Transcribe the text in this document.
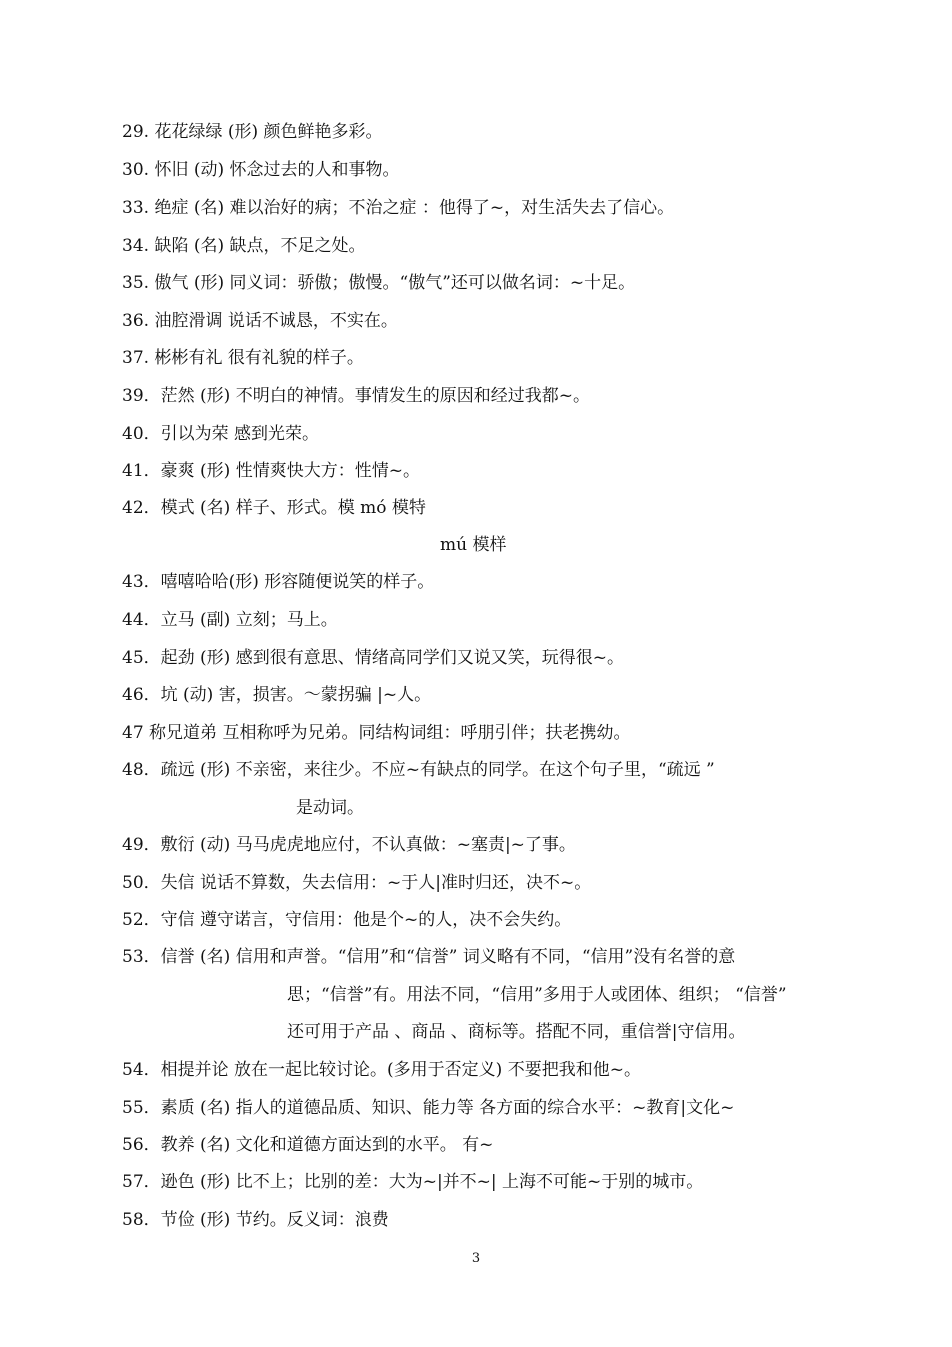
29. 花花绿绿 (形) 颜色鲜艳多彩。
30. 怀旧 (动) 怀念过去的人和事物。
33. 绝症 (名) 难以治好的病；不治之症 ：他得了~，对生活失去了信心。
34. 缺陷 (名) 缺点，不足之处。
35. 傲气 (形) 同义词：骄傲；傲慢。“傲气”还可以做名词：~十足。
36. 油腔滑调 说话不诚恳，不实在。
37. 彬彬有礼 很有礼貌的样子。
39．茫然 (形) 不明白的神情。事情发生的原因和经过我都~。
40．引以为荣 感到光荣。
41．豪爽 (形) 性情爽快大方：性情~。
42．模式 (名) 样子、形式。模 mó 模特
mú 模样
43．嘻嘻哈哈(形) 形容随便说笑的样子。
44．立马 (副) 立刻；马上。
45．起劲 (形) 感到很有意思、情绪高同学们又说又笑，玩得很~。
46．坑 (动) 害，损害。～蒙拐骗 |~人。
47 称兄道弟 互相称呼为兄弟。同结构词组：呼朋引伴；扶老携幼。
48．疏远 (形) 不亲密，来往少。不应~有缺点的同学。在这个句子里，“疏远 ”
是动词。
49．敷衍 (动) 马马虎虎地应付，不认真做：~塞责|~了事。
50．失信 说话不算数，失去信用：~于人|准时归还，决不~。
52．守信 遵守诺言，守信用：他是个~的人，决不会失约。
53．信誉 (名) 信用和声誉。“信用”和“信誉” 词义略有不同，“信用”没有名誉的意
思；“信誉”有。用法不同，“信用”多用于人或团体、组织； “信誉”
还可用于产品 、商品 、商标等。搭配不同，重信誉|守信用。
54．相提并论 放在一起比较讨论。(多用于否定义) 不要把我和他~。
55．素质 (名) 指人的道德品质、知识、能力等 各方面的综合水平：~教育|文化~
56．教养 (名) 文化和道德方面达到的水平。 有~
57．逊色 (形) 比不上；比别的差：大为~|并不~| 上海不可能~于别的城市。
58．节俭 (形) 节约。反义词：浪费
3
